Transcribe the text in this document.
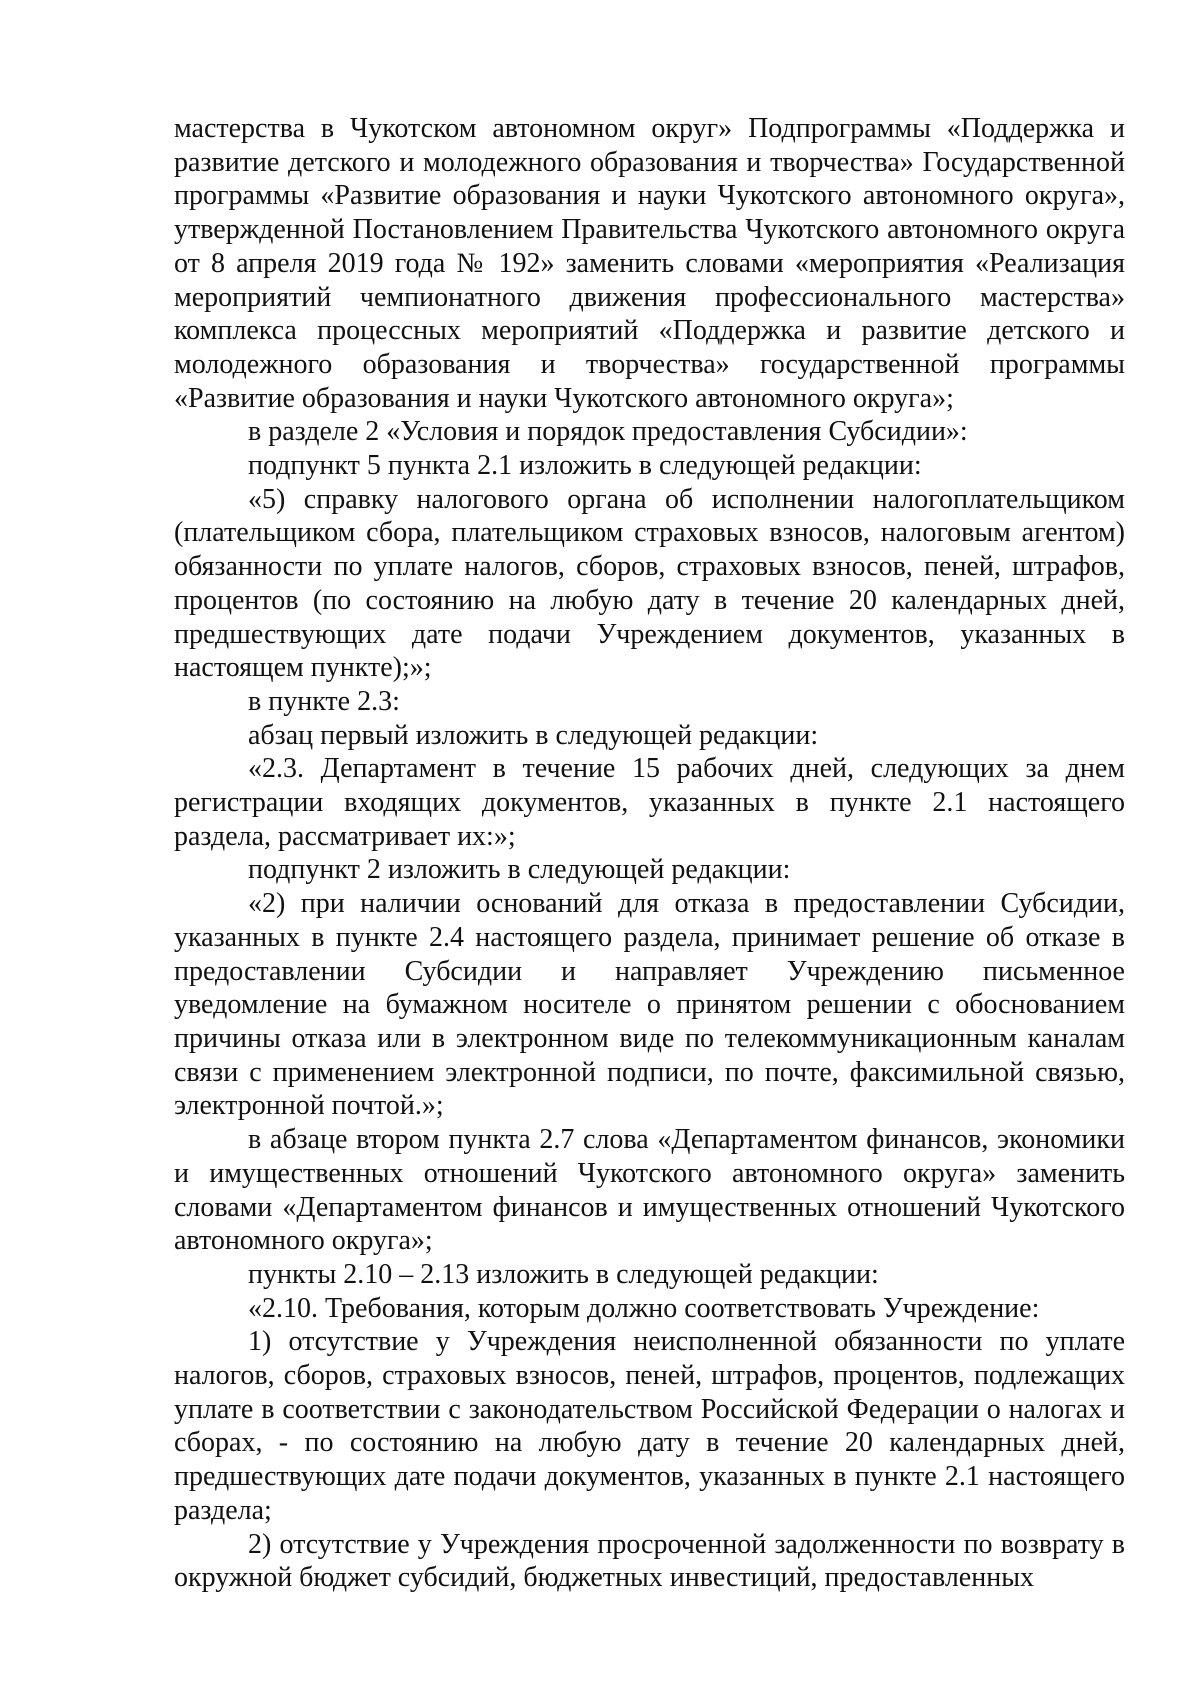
мастерства в Чукотском автономном округ» Подпрограммы «Поддержка и развитие детского и молодежного образования и творчества» Государственной программы «Развитие образования и науки Чукотского автономного округа», утвержденной Постановлением Правительства Чукотского автономного округа от 8 апреля 2019 года № 192» заменить словами «мероприятия «Реализация мероприятий чемпионатного движения профессионального мастерства» комплекса процессных мероприятий «Поддержка и развитие детского и молодежного образования и творчества» государственной программы «Развитие образования и науки Чукотского автономного округа»;

в разделе 2 «Условия и порядок предоставления Субсидии»:

подпункт 5 пункта 2.1 изложить в следующей редакции:

«5) справку налогового органа об исполнении налогоплательщиком (плательщиком сбора, плательщиком страховых взносов, налоговым агентом) обязанности по уплате налогов, сборов, страховых взносов, пеней, штрафов, процентов (по состоянию на любую дату в течение 20 календарных дней, предшествующих дате подачи Учреждением документов, указанных в настоящем пункте);»;

в пункте 2.3:

абзац первый изложить в следующей редакции:

«2.3. Департамент в течение 15 рабочих дней, следующих за днем регистрации входящих документов, указанных в пункте 2.1 настоящего раздела, рассматривает их:»;

подпункт 2 изложить в следующей редакции:

«2) при наличии оснований для отказа в предоставлении Субсидии, указанных в пункте 2.4 настоящего раздела, принимает решение об отказе в предоставлении Субсидии и направляет Учреждению письменное уведомление на бумажном носителе о принятом решении с обоснованием причины отказа или в электронном виде по телекоммуникационным каналам связи с применением электронной подписи, по почте, факсимильной связью, электронной почтой.»;

в абзаце втором пункта 2.7 слова «Департаментом финансов, экономики и имущественных отношений Чукотского автономного округа» заменить словами «Департаментом финансов и имущественных отношений Чукотского автономного округа»;

пункты 2.10 – 2.13 изложить в следующей редакции:

«2.10. Требования, которым должно соответствовать Учреждение:

1) отсутствие у Учреждения неисполненной обязанности по уплате налогов, сборов, страховых взносов, пеней, штрафов, процентов, подлежащих уплате в соответствии с законодательством Российской Федерации о налогах и сборах, - по состоянию на любую дату в течение 20 календарных дней, предшествующих дате подачи документов, указанных в пункте 2.1 настоящего раздела;

2) отсутствие у Учреждения просроченной задолженности по возврату в окружной бюджет субсидий, бюджетных инвестиций, предоставленных
